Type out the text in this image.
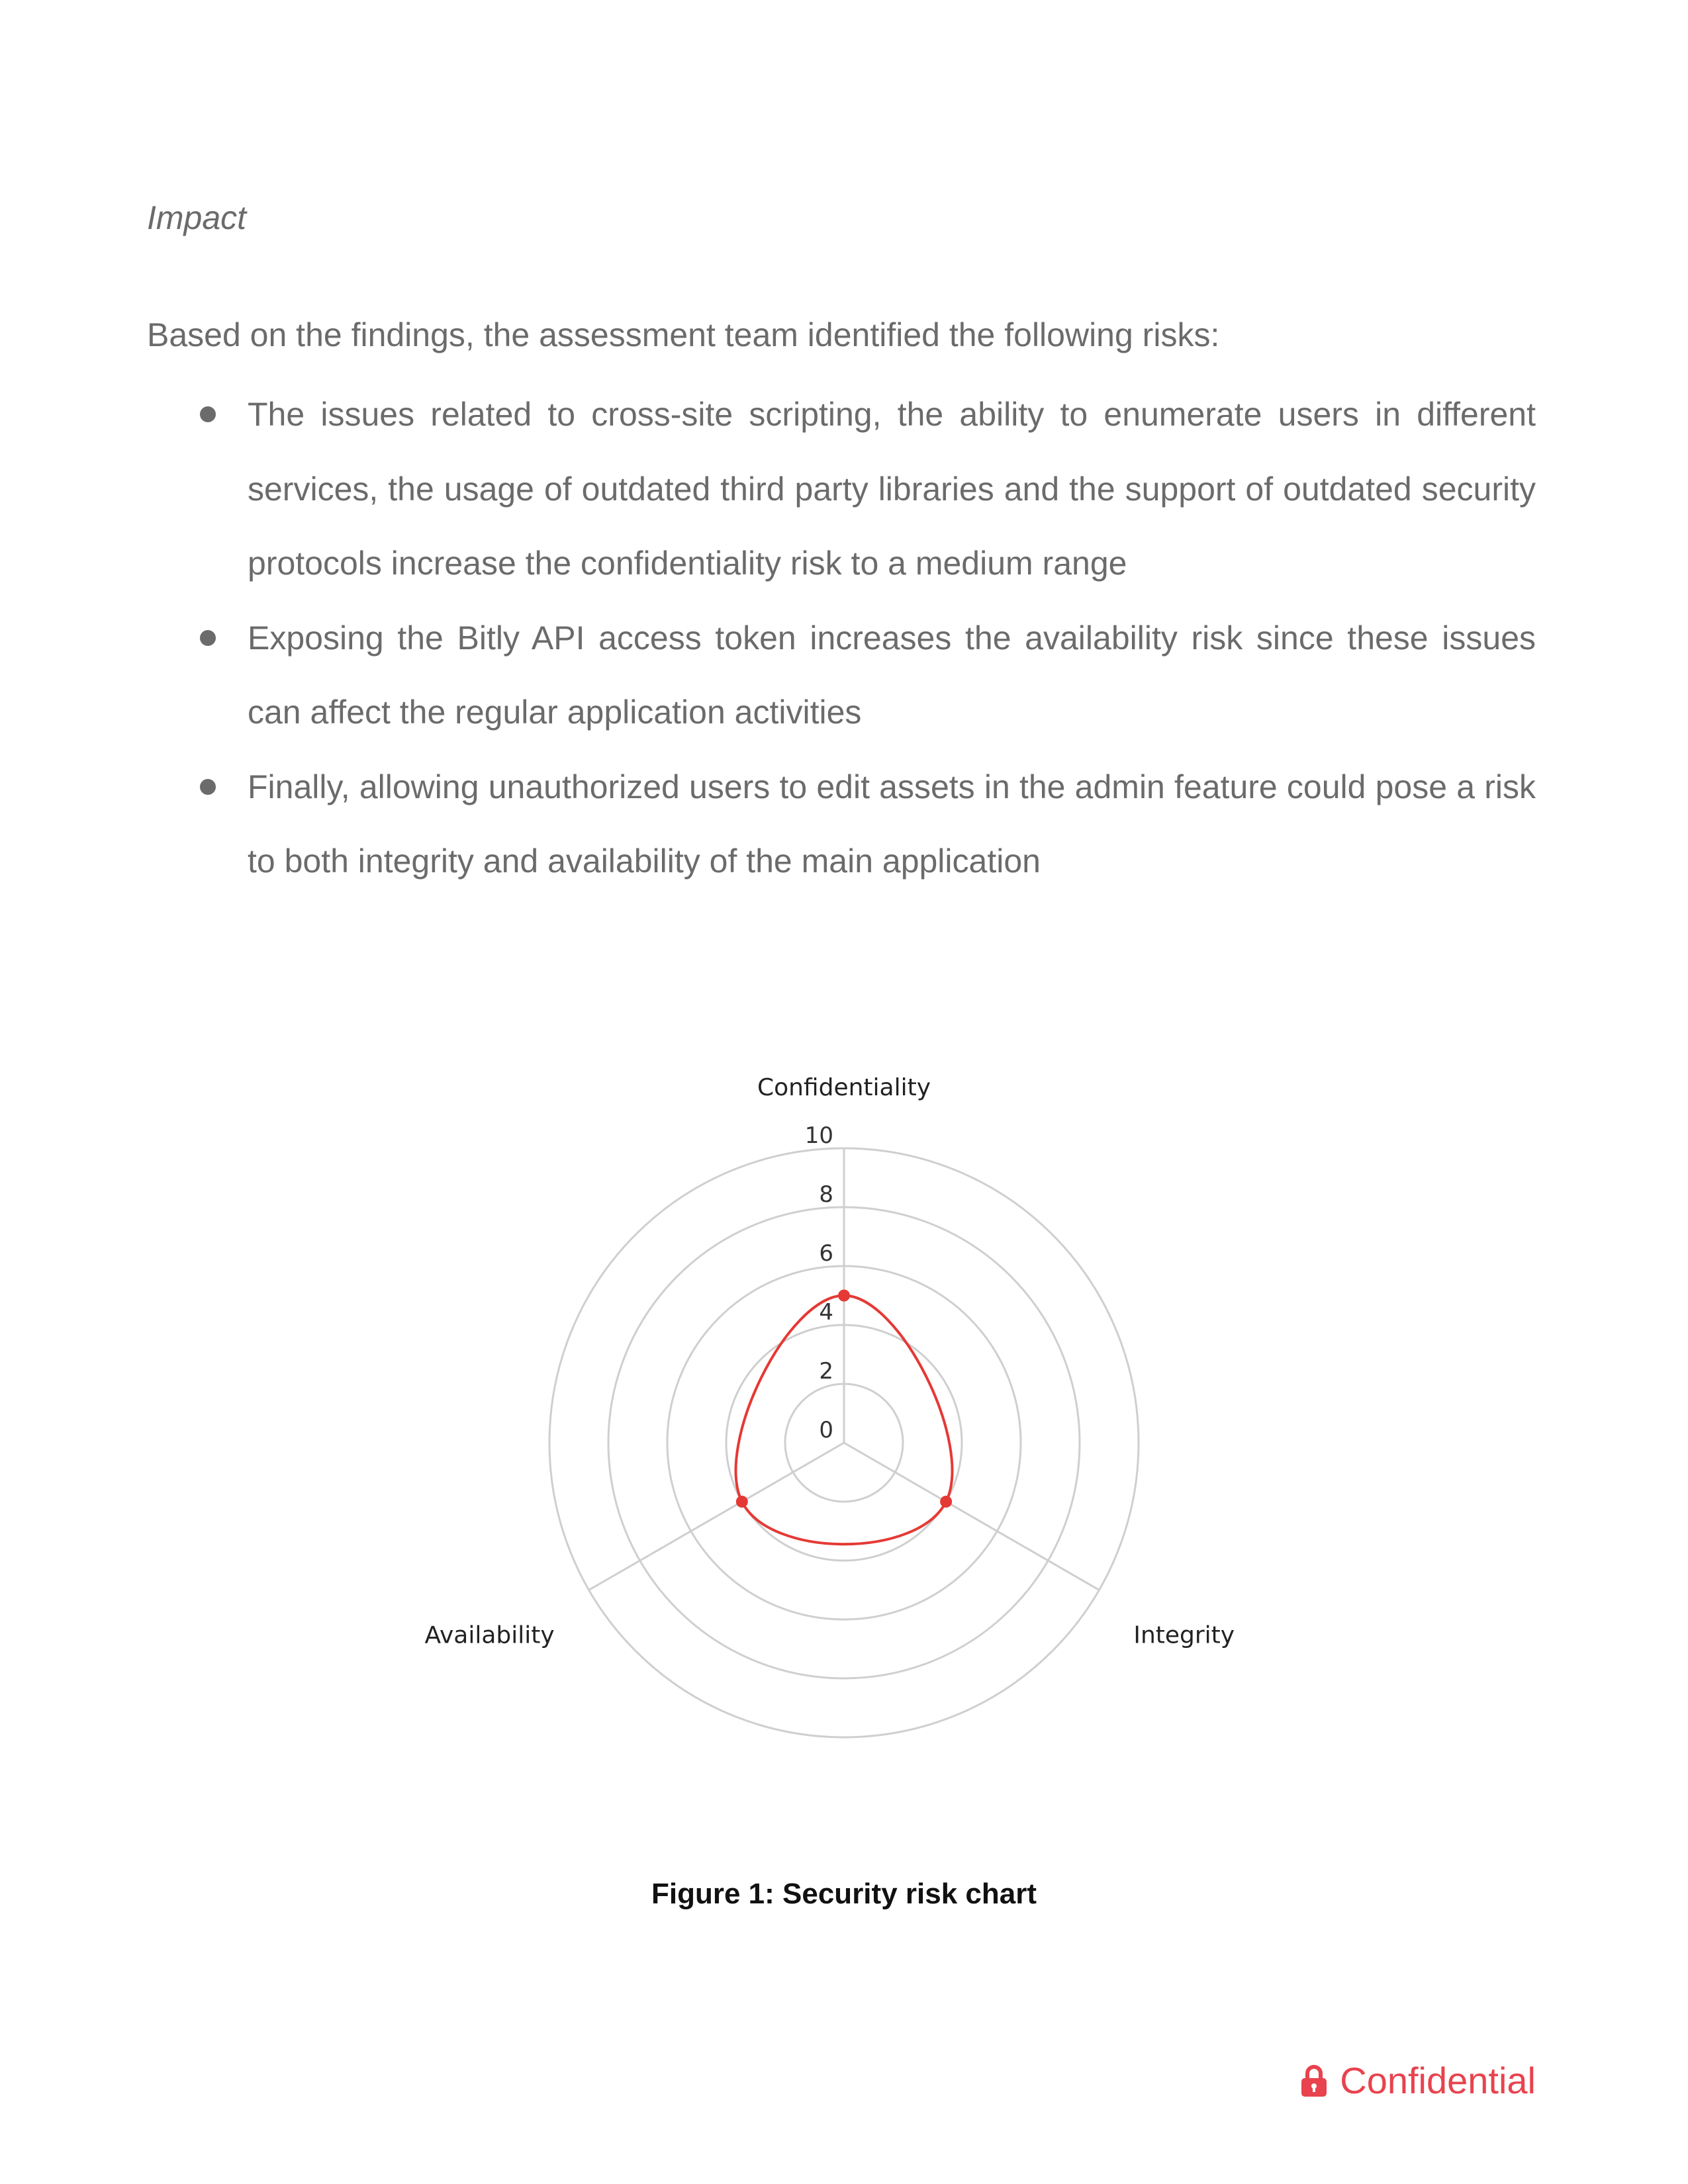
Impact
Based on the findings, the assessment team identified the following risks:
The issues related to cross-site scripting, the ability to enumerate users in different services, the usage of outdated third party libraries and the support of outdated security protocols increase the confidentiality risk to a medium range
Exposing the Bitly API access token increases the availability risk since these issues can affect the regular application activities
Finally, allowing unauthorized users to edit assets in the admin feature could pose a risk to both integrity and availability of the main application
0
2
4
6
8
10
Confidentiality
Integrity
Availability
Figure 1: Security risk chart
Confidential
